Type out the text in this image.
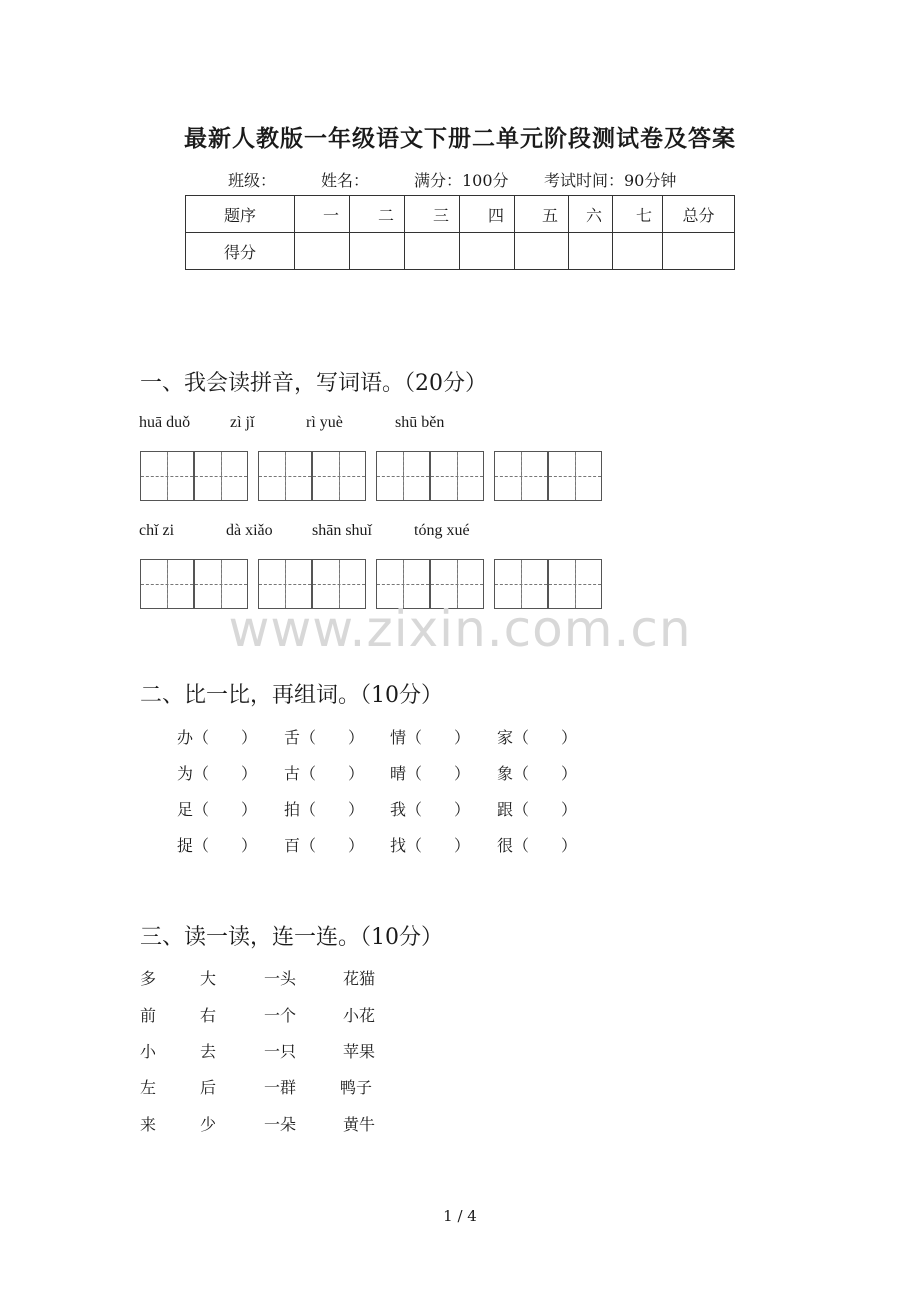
最新人教版一年级语文下册二单元阶段测试卷及答案
班级：	姓名：	满分：100分 考试时间：90分钟
题序	一	二	三	四	五	六	七	总分
得分								
一、我会读拼音，写词语。（20分）
huā duǒ zì jǐ	rì yuè	shū běn
chǐ zi	dà xiǎo shān shuǐ	tóng xué
www.zixin.com.cn
二、比一比，再组词。（10分）
办（　　） 舌（　　） 情（　　） 家（　　）
为（　　） 古（　　） 晴（　　） 象（　　）
足（　　） 拍（　　） 我（　　） 跟（　　）
捉（　　） 百（　　） 找（　　） 很（　　）
三、读一读，连一连。（10分）
多	大	一头	花猫
前	右	一个	小花
小	去	一只	苹果
左	后	一群	鸭子
来	少	一朵	黄牛
1 / 4
